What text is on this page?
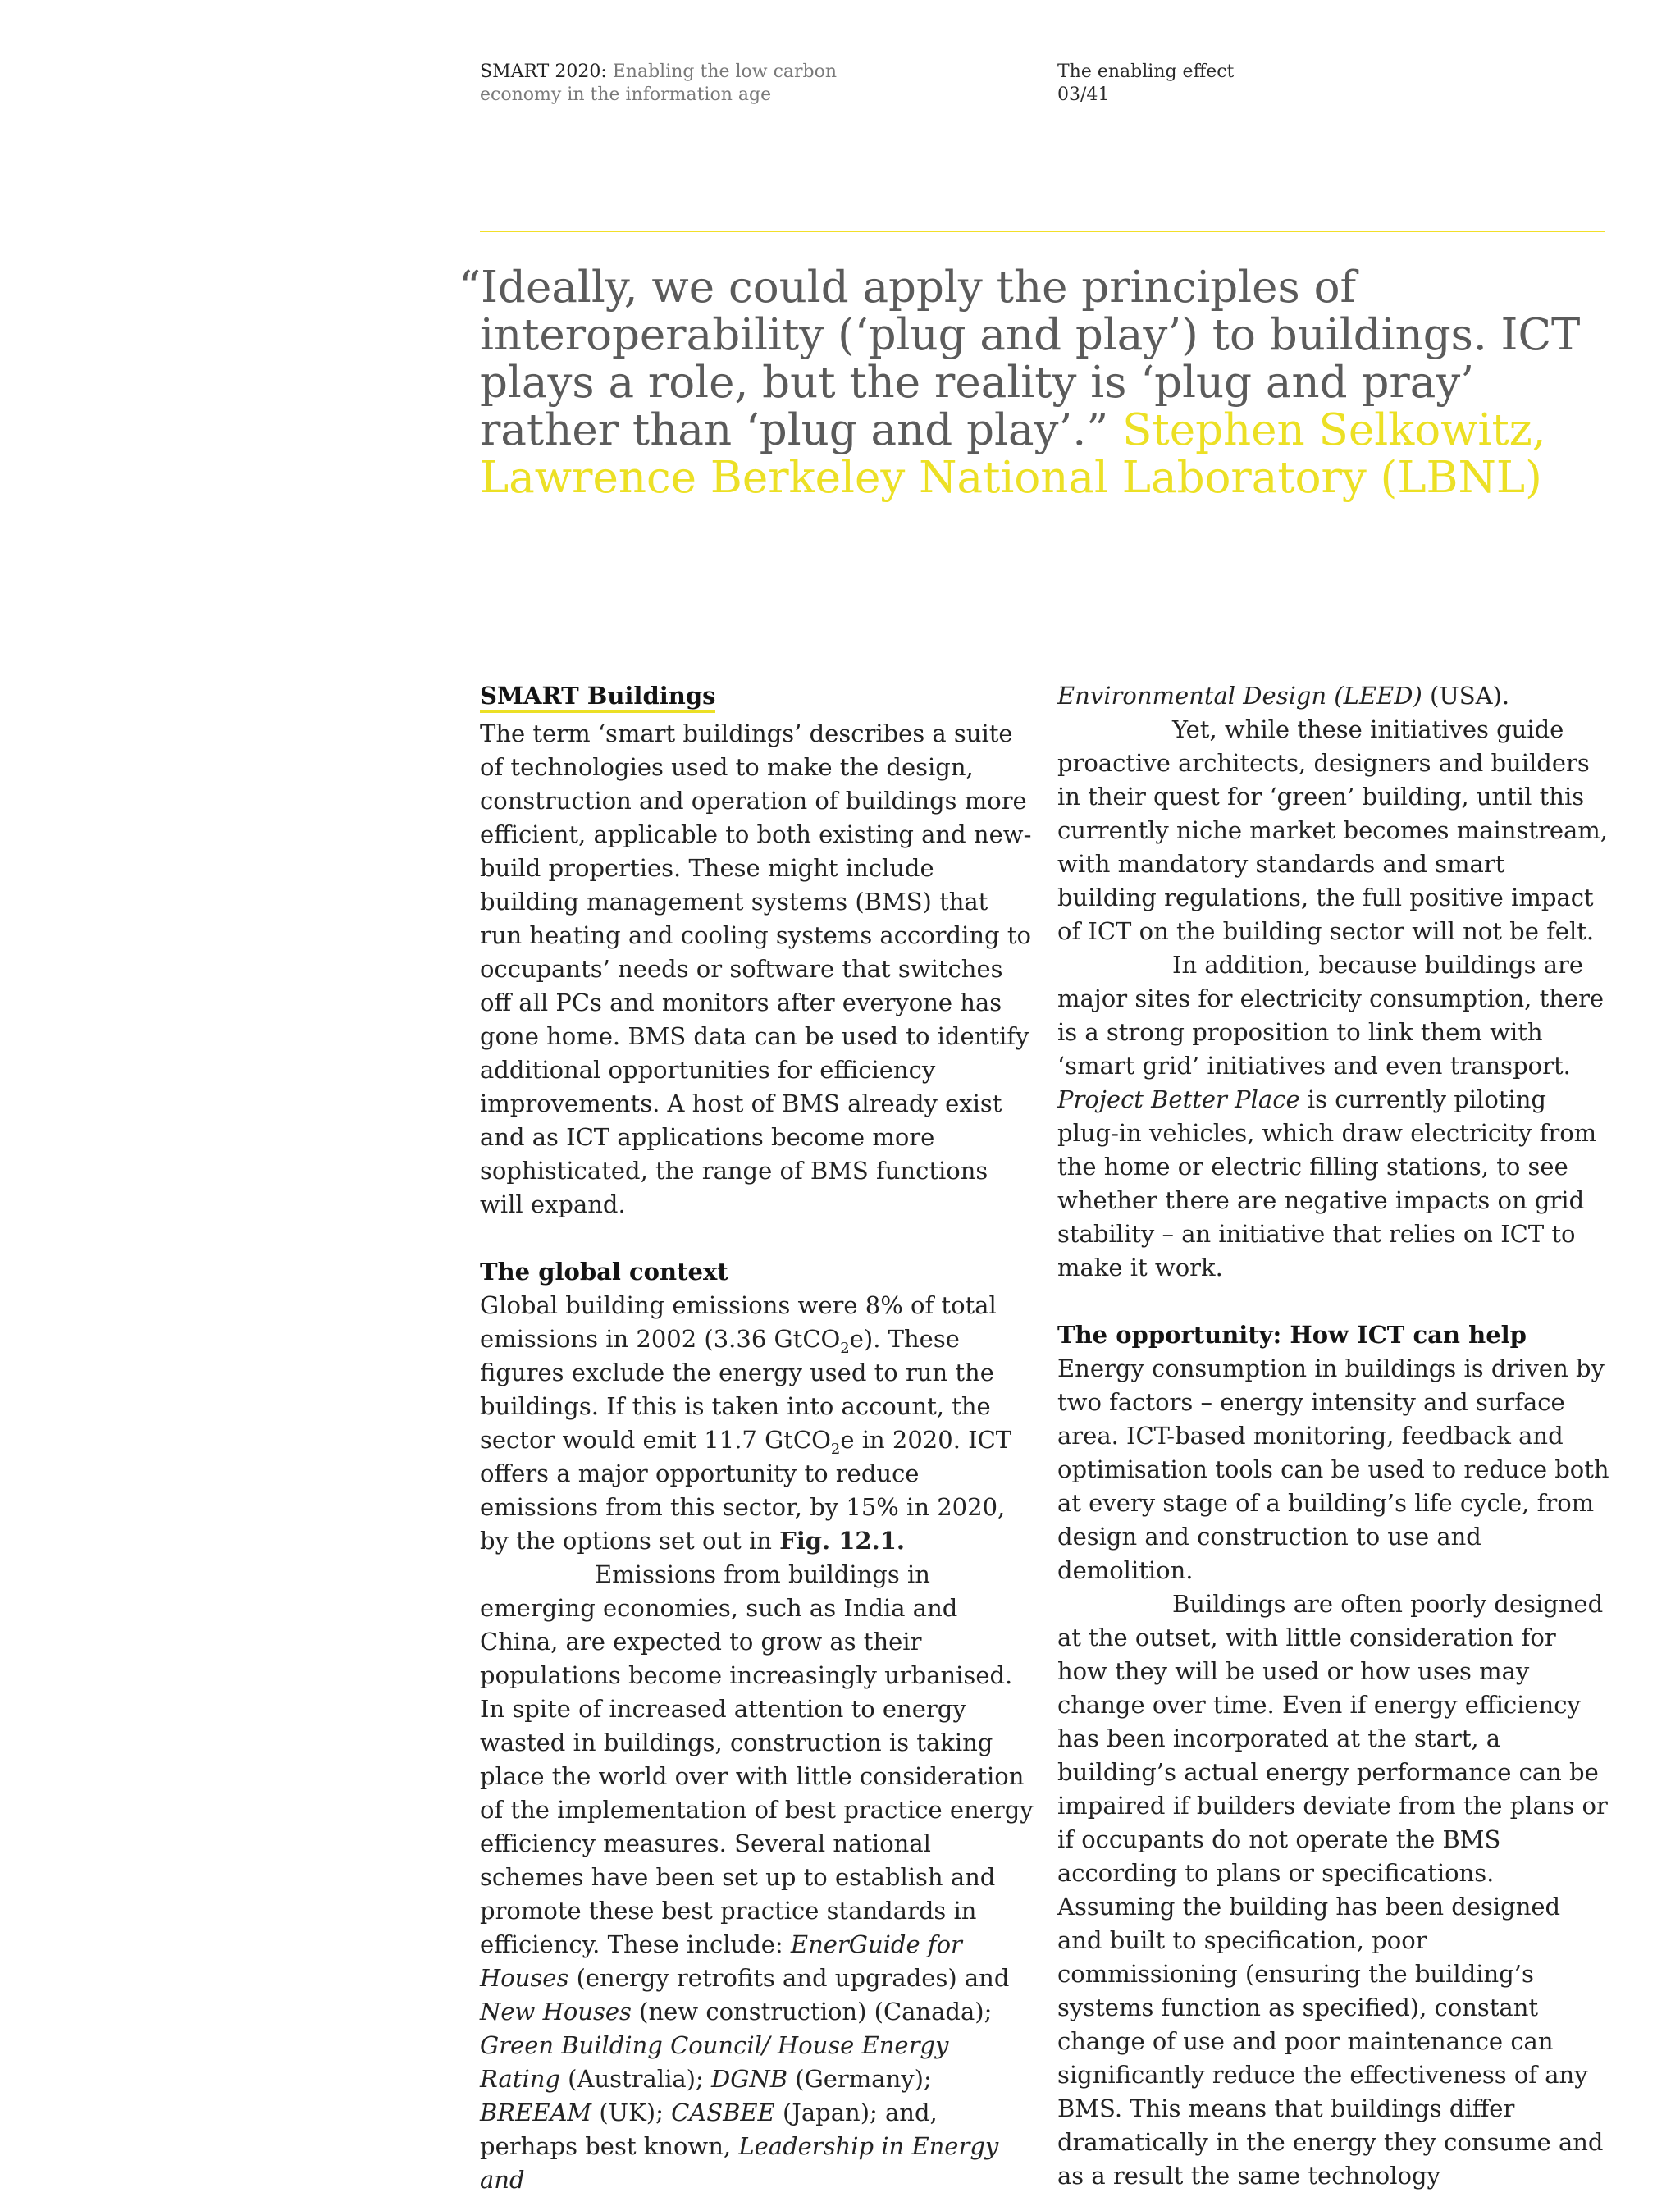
SMART 2020: Enabling the low carbon
economy in the information age
The enabling effect
03/41
“Ideally, we could apply the principles of interoperability (‘plug and play’) to buildings. ICT plays a role, but the reality is ‘plug and pray’ rather than ‘plug and play’.” Stephen Selkowitz, Lawrence Berkeley National Laboratory (LBNL)
SMART Buildings

The term ‘smart buildings’ describes a suite of technologies used to make the design, construction and operation of buildings more efficient, applicable to both existing and new-build properties. These might include building management systems (BMS) that run heating and cooling systems according to occupants’ needs or software that switches off all PCs and monitors after everyone has gone home. BMS data can be used to identify additional opportunities for efficiency improvements. A host of BMS already exist and as ICT applications become more sophisticated, the range of BMS functions will expand.

The global context

Global building emissions were 8% of total emissions in 2002 (3.36 GtCO$_2$e). These figures exclude the energy used to run the buildings. If this is taken into account, the sector would emit 11.7 GtCO$_2$e in 2020. ICT offers a major opportunity to reduce emissions from this sector, by 15% in 2020, by the options set out in Fig. 12.1.

Emissions from buildings in emerging economies, such as India and China, are expected to grow as their populations become increasingly urbanised. In spite of increased attention to energy wasted in buildings, construction is taking place the world over with little consideration of the implementation of best practice energy efficiency measures. Several national schemes have been set up to establish and promote these best practice standards in efficiency. These include: EnerGuide for Houses (energy retrofits and upgrades) and New Houses (new construction) (Canada); Green Building Council/ House Energy Rating (Australia); DGNB (Germany); BREEAM (UK); CASBEE (Japan); and, perhaps best known, Leadership in Energy and

Environmental Design (LEED) (USA).

Yet, while these initiatives guide proactive architects, designers and builders in their quest for ‘green’ building, until this currently niche market becomes mainstream, with mandatory standards and smart building regulations, the full positive impact of ICT on the building sector will not be felt.

In addition, because buildings are major sites for electricity consumption, there is a strong proposition to link them with ‘smart grid’ initiatives and even transport. Project Better Place is currently piloting plug-in vehicles, which draw electricity from the home or electric filling stations, to see whether there are negative impacts on grid stability – an initiative that relies on ICT to make it work.

The opportunity: How ICT can help

Energy consumption in buildings is driven by two factors – energy intensity and surface area. ICT-based monitoring, feedback and optimisation tools can be used to reduce both at every stage of a building’s life cycle, from design and construction to use and demolition.

Buildings are often poorly designed at the outset, with little consideration for how they will be used or how uses may change over time. Even if energy efficiency has been incorporated at the start, a building’s actual energy performance can be impaired if builders deviate from the plans or if occupants do not operate the BMS according to plans or specifications. Assuming the building has been designed and built to specification, poor commissioning (ensuring the building’s systems function as specified), constant change of use and poor maintenance can significantly reduce the effectiveness of any BMS. This means that buildings differ dramatically in the energy they consume and as a result the same technology
